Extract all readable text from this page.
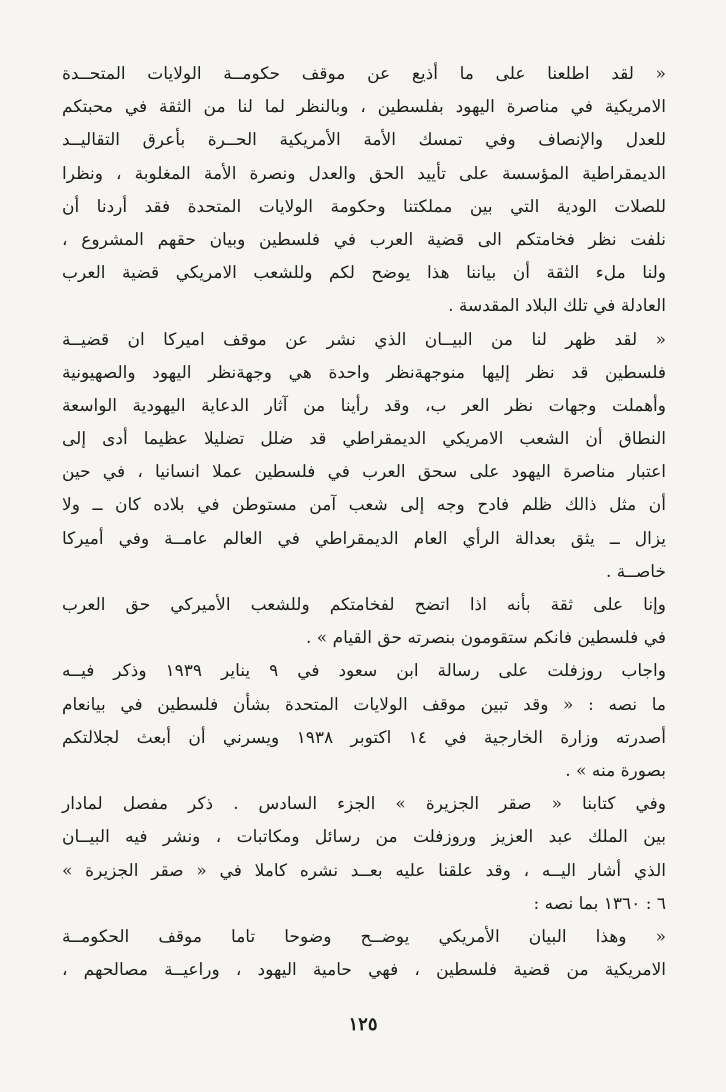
« لقد اطلعنا على ما أذيع عن موقف حكومــة الولايات المتحــدة
الامريكية في مناصرة اليهود بفلسطين ، وبالنظر لما لنا من الثقة في محبتكم
للعدل والإنصاف وفي تمسك الأمة الأمريكية الحــرة بأعرق التقاليــد
الديمقراطية المؤسسة على تأييد الحق والعدل ونصرة الأمة المغلوبة ، ونظرا
للصلات الودية التي بين مملكتنا وحكومة الولايات المتحدة فقد أردنا أن
نلفت نظر فخامتكم الى قضية العرب في فلسطين وبيان حقهم المشروع ،
ولنا ملء الثقة أن بياننا هذا يوضح لكم وللشعب الامريكي قضية العرب
العادلة في تلك البلاد المقدسة .
« لقد ظهر لنا من البيــان الذي نشر عن موقف اميركا ان قضيــة
فلسطين قد نظر إليها منوجهةنظر واحدة هي وجهةنظر اليهود والصهيونية
وأهملت وجهات نظر العر ب، وقد رأينا من آثار الدعاية اليهودية الواسعة
النطاق أن الشعب الامريكي الديمقراطي قد ضلل تضليلا عظيما أدى إلى
اعتبار مناصرة اليهود على سحق العرب في فلسطين عملا انسانيا ، في حين
أن مثل ذالك ظلم فادح وجه إلى شعب آمن مستوطن في بلاده كان ــ ولا
يزال ــ يثق بعدالة الرأي العام الديمقراطي في العالم عامــة وفي أميركا
خاصــة .
وإنا على ثقة بأنه اذا اتضح لفخامتكم وللشعب الأميركي حق العرب
في فلسطين فانكم ستقومون بنصرته حق القيام » .
واجاب روزفلت على رسالة ابن سعود في ٩ يناير ١٩٣٩ وذكر فيــه
ما نصه : « وقد تبين موقف الولايات المتحدة بشأن فلسطين في بيانعام
أصدرته وزارة الخارجية في ١٤ اكتوبر ١٩٣٨ ويسرني أن أبعث لجلالتكم
بصورة منه » .
وفي كتابنا « صقر الجزيرة » الجزء السادس . ذكر مفصل لمادار
بين الملك عبد العزيز وروزفلت من رسائل ومكاتبات ، ونشر فيه البيــان
الذي أشار اليــه ، وقد علقنا عليه بعــد نشره كاملا في « صقر الجزيرة »
٦ : ١٣٦٠ بما نصه :
« وهذا البيان الأمريكي يوضــح وضوحا تاما موقف الحكومــة
الامريكية من قضية فلسطين ، فهي حامية اليهود ، وراعيــة مصالحهم ،
١٢٥
